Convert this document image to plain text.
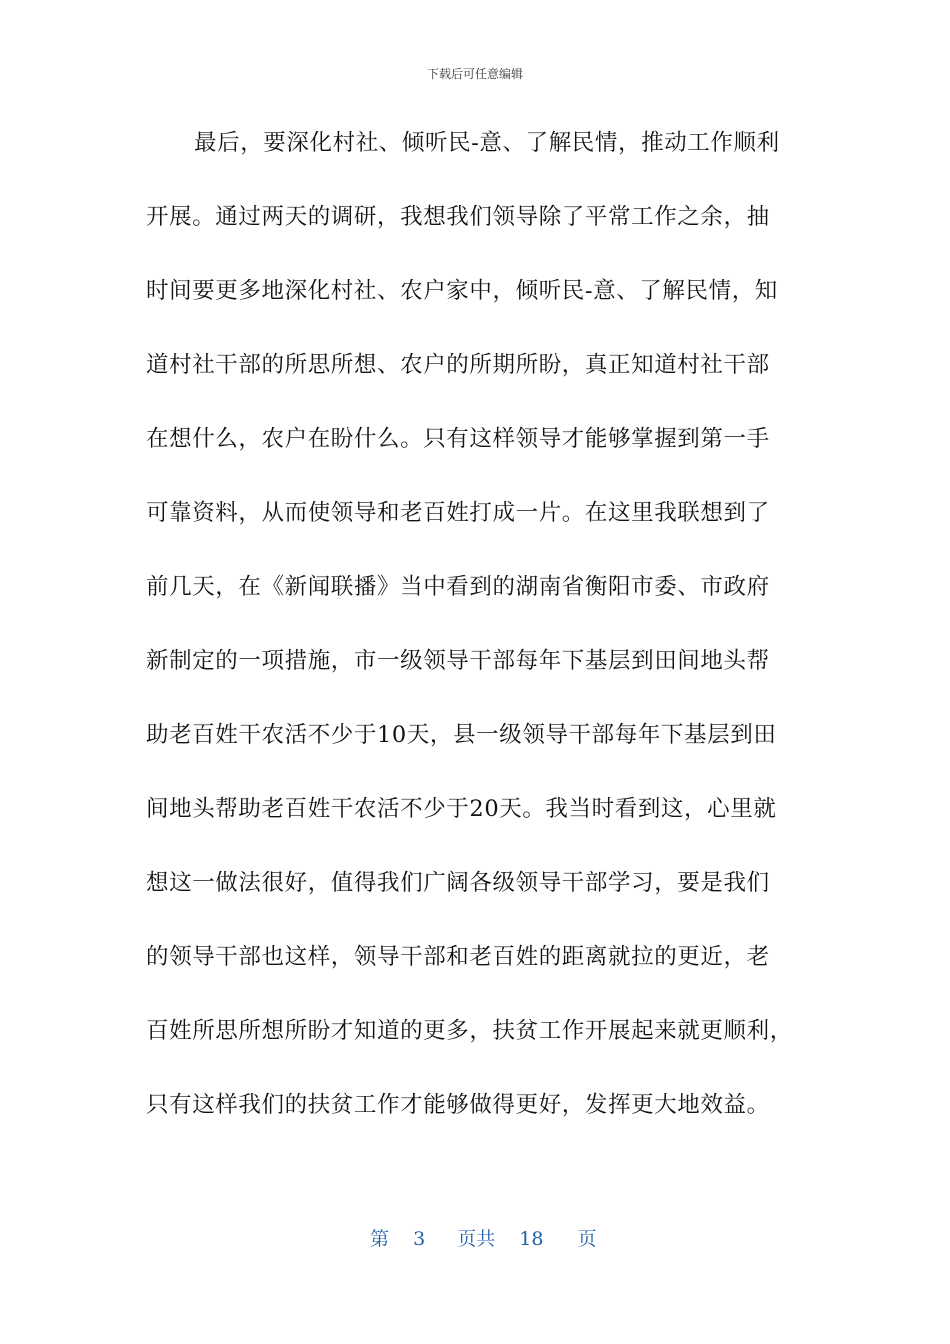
下载后可任意编辑
最后，要深化村社、倾听民-意、了解民情，推动工作顺利
开展。通过两天的调研，我想我们领导除了平常工作之余，抽
时间要更多地深化村社、农户家中，倾听民-意、了解民情，知
道村社干部的所思所想、农户的所期所盼，真正知道村社干部
在想什么，农户在盼什么。只有这样领导才能够掌握到第一手
可靠资料，从而使领导和老百姓打成一片。在这里我联想到了
前几天，在《新闻联播》当中看到的湖南省衡阳市委、市政府
新制定的一项措施，市一级领导干部每年下基层到田间地头帮
助老百姓干农活不少于10天，县一级领导干部每年下基层到田
间地头帮助老百姓干农活不少于20天。我当时看到这，心里就
想这一做法很好，值得我们广阔各级领导干部学习，要是我们
的领导干部也这样，领导干部和老百姓的距离就拉的更近，老
百姓所思所想所盼才知道的更多，扶贫工作开展起来就更顺利，
只有这样我们的扶贫工作才能够做得更好，发挥更大地效益。
第 3 页共 18 页
